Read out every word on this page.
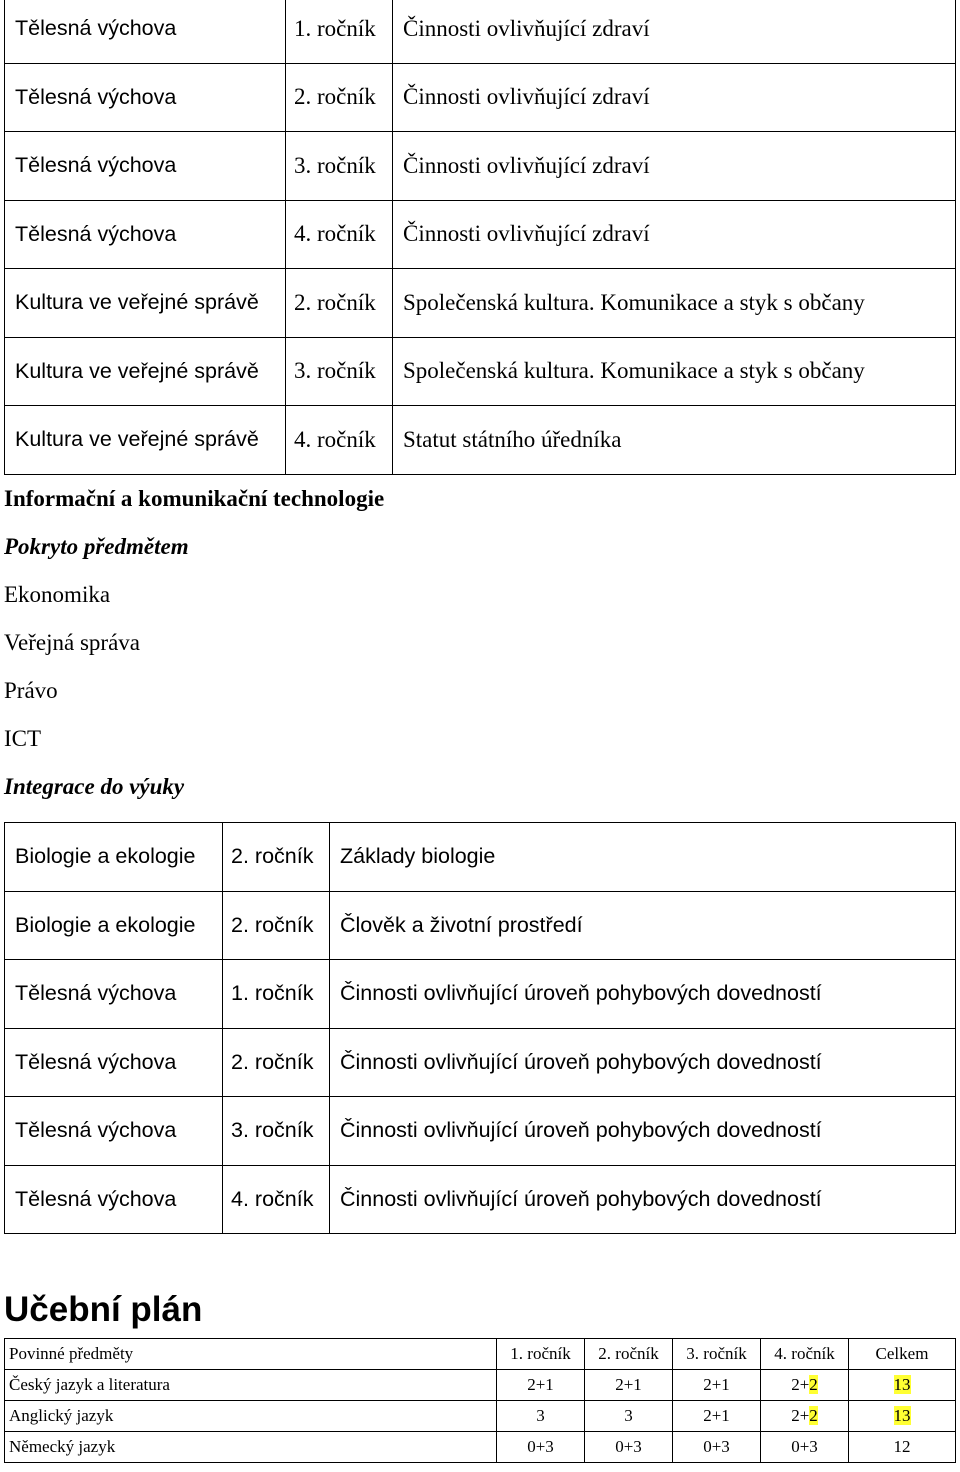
Tělesná výchova	1. ročník	Činnosti ovlivňující zdraví
Tělesná výchova	2. ročník	Činnosti ovlivňující zdraví
Tělesná výchova	3. ročník	Činnosti ovlivňující zdraví
Tělesná výchova	4. ročník	Činnosti ovlivňující zdraví
Kultura ve veřejné správě	2. ročník	Společenská kultura. Komunikace a styk s občany
Kultura ve veřejné správě	3. ročník	Společenská kultura. Komunikace a styk s občany
Kultura ve veřejné správě	4. ročník	Statut státního úředníka
Informační a komunikační technologie
Pokryto předmětem
Ekonomika
Veřejná správa
Právo
ICT
Integrace do výuky
Biologie a ekologie	2. ročník	Základy biologie
Biologie a ekologie	2. ročník	Člověk a životní prostředí
Tělesná výchova	1. ročník	Činnosti ovlivňující úroveň pohybových dovedností
Tělesná výchova	2. ročník	Činnosti ovlivňující úroveň pohybových dovedností
Tělesná výchova	3. ročník	Činnosti ovlivňující úroveň pohybových dovedností
Tělesná výchova	4. ročník	Činnosti ovlivňující úroveň pohybových dovedností
Učební plán
Povinné předměty	1. ročník	2. ročník	3. ročník	4. ročník	Celkem
Český jazyk a literatura	2+1	2+1	2+1	2+2	13
Anglický jazyk	3	3	2+1	2+2	13
Německý jazyk	0+3	0+3	0+3	0+3	12
